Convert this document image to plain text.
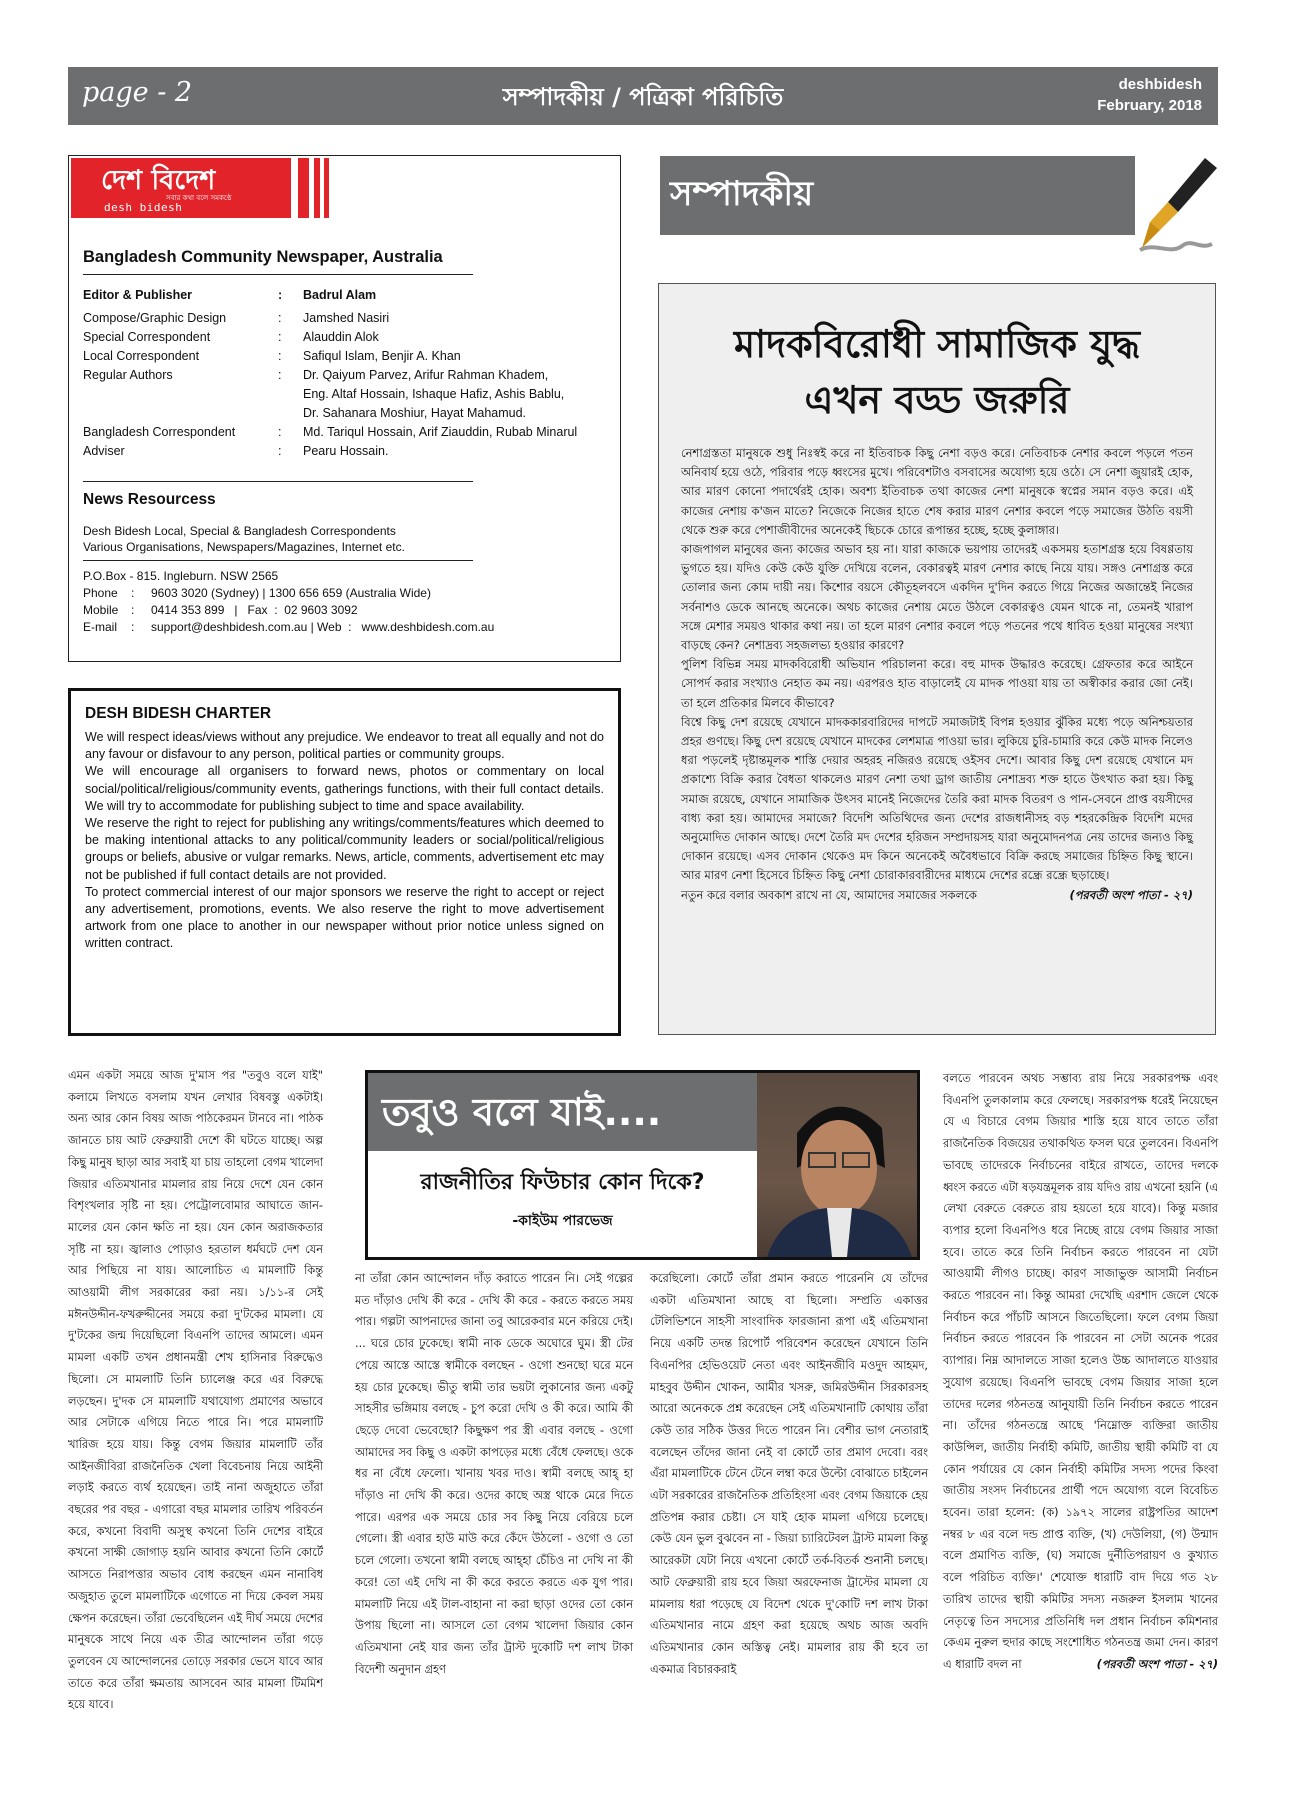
page - 2	সম্পাদকীয় / পত্রিকা পরিচিতি	deshbidesh
February, 2018
দেশ বিদেশ
সবার কথা বলে সমকণ্ঠে
desh bidesh
Bangladesh Community Newspaper, Australia
Editor & Publisher	:	Badrul Alam
Compose/Graphic Design	:	Jamshed Nasiri
Special Correspondent	:	Alauddin Alok
Local Correspondent	:	Safiqul Islam, Benjir A. Khan
Regular Authors	:	Dr. Qaiyum Parvez, Arifur Rahman Khadem,
Eng. Altaf Hossain, Ishaque Hafiz, Ashis Bablu,
Dr. Sahanara Moshiur, Hayat Mahamud.
Bangladesh Correspondent	:	Md. Tariqul Hossain, Arif Ziauddin, Rubab Minarul
Adviser	:	Pearu Hossain.
News Resourcess
Desh Bidesh Local, Special & Bangladesh Correspondents
Various Organisations, Newspapers/Magazines, Internet etc.
P.O.Box - 815. Ingleburn. NSW 2565
Phone	:	9603 3020 (Sydney) | 1300 656 659 (Australia Wide)
Mobile	:	0414 353 899   |   Fax  :  02 9603 3092
E-mail	:	support@deshbidesh.com.au | Web  :   www.deshbidesh.com.au
DESH BIDESH CHARTER

We will respect ideas/views without any prejudice. We endeavor to treat all equally and not do any favour or disfavour to any person, political parties or community groups.

We will encourage all organisers to forward news, photos or commentary on local social/political/religious/community events, gatherings functions, with their full contact details. We will try to accommodate for publishing subject to time and space availability.

We reserve the right to reject for publishing any writings/comments/features which deemed to be making intentional attacks to any political/community leaders or social/political/religious groups or beliefs, abusive or vulgar remarks. News, article, comments, advertisement etc may not be published if full contact details are not provided.

To protect commercial interest of our major sponsors we reserve the right to accept or reject any advertisement, promotions, events. We also reserve the right to move advertisement artwork from one place to another in our newspaper without prior notice unless signed on written contract.

সম্পাদকীয়
মাদকবিরোধী সামাজিক যুদ্ধ
এখন বড্ড জরুরি

নেশাগ্রস্ততা মানুষকে শুধু নিঃস্বই করে না ইতিবাচক কিছু নেশা বড়ও করে। নেতিবাচক নেশার কবলে পড়লে পতন অনিবার্য হয়ে ওঠে, পরিবার পড়ে ধ্বংসের মুখে। পরিবেশটাও বসবাসের অযোগ্য হয়ে ওঠে। সে নেশা জুয়ারই হোক, আর মারণ কোনো পদার্থেরই হোক। অবশ্য ইতিবাচক তথা কাজের নেশা মানুষকে স্বপ্নের সমান বড়ও করে। এই কাজের নেশায় ক'জন মাতে? নিজেকে নিজের হাতে শেষ করার মারণ নেশার কবলে পড়ে সমাজের উঠতি বয়সী থেকে শুরু করে পেশাজীবীদের অনেকেই ছিচকে চোরে রূপান্তর হচ্ছে, হচ্ছে কুলাঙ্গার।

কাজপাগল মানুষের জন্য কাজের অভাব হয় না। যারা কাজকে ভয়পায় তাদেরই একসময় হতাশগ্রস্ত হয়ে বিষণ্ণতায় ভুগতে হয়। যদিও কেউ কেউ যুক্তি দেখিয়ে বলেন, বেকারত্বই মারণ নেশার কাছে নিয়ে যায়। সঙ্গও নেশাগ্রস্ত করে তোলার জন্য কোম দায়ী নয়। কিশোর বয়সে কৌতূহলবসে একদিন দু'দিন করতে গিয়ে নিজের অজান্তেই নিজের সর্বনাশও ডেকে আনছে অনেকে। অথচ কাজের নেশায় মেতে উঠলে বেকারত্বও যেমন থাকে না, তেমনই খারাপ সঙ্গে মেশার সময়ও থাকার কথা নয়। তা হলে মারণ নেশার কবলে পড়ে পতনের পথে ধাবিত হওয়া মানুষের সংখ্যা বাড়ছে কেন? নেশাদ্রব্য সহজলভ্য হওয়ার কারণে?

পুলিশ বিভিন্ন সময় মাদকবিরোধী অভিযান পরিচালনা করে। বহু মাদক উদ্ধারও করেছে। গ্রেফতার করে আইনে সোপর্দ করার সংখ্যাও নেহাত কম নয়। এরপরও হাত বাড়ালেই যে মাদক পাওয়া যায় তা অস্বীকার করার জো নেই। তা হলে প্রতিকার মিলবে কীভাবে?

বিশ্বে কিছু দেশ রয়েছে যেখানে মাদককারবারিদের দাপটে সমাজটাই বিপন্ন হওয়ার ঝুঁকির মধ্যে পড়ে অনিশ্চয়তার প্রহর গুণছে। কিছু দেশ রয়েছে যেখানে মাদকের লেশমাত্র পাওয়া ভার। লুকিয়ে চুরি-চামারি করে কেউ মাদক নিলেও ধরা পড়লেই দৃষ্টান্তমূলক শাস্তি দেয়ার অহরহ নজিরও রয়েছে ওইসব দেশে। আবার কিছু দেশ রয়েছে যেখানে মদ প্রকাশ্যে বিক্রি করার বৈধতা থাকলেও মারণ নেশা তথা ড্রাগ জাতীয় নেশাদ্রব্য শক্ত হাতে উৎখাত করা হয়। কিছু সমাজ রয়েছে, যেখানে সামাজিক উৎসব মানেই নিজেদের তৈরি করা মাদক বিতরণ ও পান-সেবনে প্রাপ্ত বয়সীদের বাধ্য করা হয়। আমাদের সমাজে? বিদেশি অতিথিদের জন্য দেশের রাজধানীসহ বড় শহরকেন্দ্রিক বিদেশি মদের অনুমোদিত দোকান আছে। দেশে তৈরি মদ দেশের হরিজন সম্প্রদায়সহ যারা অনুমোদনপত্র নেয় তাদের জন্যও কিছু দোকান রয়েছে। এসব দোকান থেকেও মদ কিনে অনেকেই অবৈধভাবে বিক্রি করছে সমাজের চিহ্নিত কিছু স্থানে। আর মারণ নেশা হিসেবে চিহ্নিত কিছু নেশা চোরাকারবারীদের মাধ্যমে দেশের রন্ধ্রে রন্ধ্রে ছড়াচ্ছে।

নতুন করে বলার অবকাশ রাখে না যে, আমাদের সমাজের সকলকে	(পরবর্তী অংশ পাতা - ২৭)

এমন একটা সময়ে আজ দু'মাস পর "তবুও বলে যাই" কলামে লিখতে বসলাম যখন লেখার বিষবস্তু একটাই। অন্য আর কোন বিষয় আজ পাঠকেরমন টানবে না। পাঠক জানতে চায় আট ফেব্রুয়ারী দেশে কী ঘটতে যাচ্ছে। অল্প কিছু মানুষ ছাড়া আর সবাই যা চায় তাহলো বেগম খালেদা জিয়ার এতিমখানার মামলার রায় নিয়ে দেশে যেন কোন বিশৃংখলার সৃষ্টি না হয়। পেট্রোলবোমার আঘাতে জান-মালের যেন কোন ক্ষতি না হয়। যেন কোন অরাজকতার সৃষ্টি না হয়। জ্বালাও পোড়াও হরতাল ধর্মঘটে দেশ যেন আর পিছিয়ে না যায়। আলোচিত এ মামলাটি কিন্তু আওয়ামী লীগ সরকারের করা নয়। ১/১১-র সেই মঈনউদ্দীন-ফখরুদ্দীনের সময়ে করা দু'টকের মামলা। যে দু'টকের জন্ম দিয়েছিলো বিএনপি তাদের আমলে। এমন মামলা একটি তখন প্রধানমন্ত্রী শেখ হাসিনার বিরুদ্ধেও ছিলো। সে মামলাটি তিনি চ্যালেঞ্জ করে এর বিরুদ্ধে লড়ছেন। দু'দক সে মামলাটি যথাযোগ্য প্রমাণের অভাবে আর সেটাকে এগিয়ে নিতে পারে নি। পরে মামলাটি খারিজ হয়ে যায়। কিন্তু বেগম জিয়ার মামলাটি তাঁর আইনজীবিরা রাজনৈতিক খেলা বিবেচনায় নিয়ে আইনী লড়াই করতে ব্যর্থ হয়েছেন। তাই নানা অজুহাতে তাঁরা বছরের পর বছর - এগারো বছর মামলার তারিখ পরিবর্তন করে, কখনো বিবাদী অসুস্থ কখনো তিনি দেশের বাইরে কখনো সাক্ষী জোগাড় হয়নি আবার কখনো তিনি কোর্টে আসতে নিরাপত্তার অভাব বোধ করছেন এমন নানাবিধ অজুহাত তুলে মামলাটিকে এগোতে না দিয়ে কেবল সময় ক্ষেপন করেছেন। তাঁরা ভেবেছিলেন এই দীর্ঘ সময়ে দেশের মানুষকে সাথে নিয়ে এক তীব্র আন্দোলন তাঁরা গড়ে তুলবেন যে আন্দোলনের তোড়ে সরকার ভেসে যাবে আর তাতে করে তাঁরা ক্ষমতায় আসবেন আর মামলা টিমমিশ হয়ে যাবে।
তবুও বলে যাই....
রাজনীতির ফিউচার কোন দিকে?
-কাইউম পারভেজ
না তাঁরা কোন আন্দোলন দাঁড় করাতে পারেন নি। সেই গল্পের মত দাঁড়াও দেখি কী করে - দেখি কী করে - করতে করতে সময় পার। গল্পটা আপনাদের জানা তবু আরেকবার মনে করিয়ে দেই। ... ঘরে চোর ঢুকেছে। স্বামী নাক ডেকে অঘোরে ঘুম। স্ত্রী টের পেয়ে আস্তে আস্তে স্বামীকে বলছেন - ওগো শুনছো ঘরে মনে হয় চোর ঢুকেছে। ভীতু স্বামী তার ভয়টা লুকানোর জন্য একটু সাহসীর ভঙ্গিমায় বলছে - চুপ করো দেখি ও কী করে। আমি কী ছেড়ে দেবো ভেবেছো? কিছুক্ষণ পর স্ত্রী এবার বলছে - ওগো আমাদের সব কিছু ও একটা কাপড়ের মধ্যে বেঁধে ফেলছে। ওকে ধর না বেঁধে ফেলো। খানায় খবর দাও। স্বামী বলছে আহ্ হা দাঁড়াও না দেখি কী করে। ওদের কাছে অস্ত্র থাকে মেরে দিতে পারে। এরপর এক সময়ে চোর সব কিছু নিয়ে বেরিয়ে চলে গেলো। স্ত্রী এবার হাউ মাউ করে কেঁদে উঠলো - ওগো ও তো চলে গেলো। তখনো স্বামী বলছে আহ্হা চেঁচিও না দেখি না কী করে! তো এই দেখি না কী করে করতে করতে এক যুগ পার। মামলাটি নিয়ে এই টাল-বাহানা না করা ছাড়া ওদের তো কোন উপায় ছিলো না। আসলে তো বেগম খালেদা জিয়ার কোন এতিমখানা নেই যার জন্য তাঁর ট্রাস্ট দুকোটি দশ লাখ টাকা বিদেশী অনুদান গ্রহণ
করেছিলো। কোর্টে তাঁরা প্রমান করতে পারেননি যে তাঁদের একটা এতিমখানা আছে বা ছিলো। সম্প্রতি একাত্তর টেলিভিশনে সাহসী সাংবাদিক ফারজানা রূপা এই এতিমখানা নিয়ে একটি তদন্ত রিপোর্ট পরিবেশন করেছেন যেখানে তিনি বিএনপির হেভিওয়েট নেতা এবং আইনজীবি মওদুদ আহমদ, মাহবুব উদ্দীন খোকন, আমীর খসরু, জমিরউদ্দীন সিরকারসহ আরো অনেককে প্রশ্ন করেছেন সেই এতিমখানাটি কোথায় তাঁরা কেউ তার সঠিক উত্তর দিতে পারেন নি। বেশীর ভাগ নেতারাই বলেছেন তাঁদের জানা নেই বা কোর্টে তার প্রমাণ দেবো। বরং এঁরা মামলাটিকে টেনে টেনে লম্বা করে উল্টো বোঝাতে চাইলেন এটা সরকারের রাজনৈতিক প্রতিহিংসা এবং বেগম জিয়াকে হেয় প্রতিপন্ন করার চেষ্টা। সে যাই হোক মামলা এগিয়ে চলেছে। কেউ যেন ভুল বুঝবেন না - জিয়া চ্যারিটেবল ট্রাস্ট মামলা কিন্তু আরেকটা যেটা নিয়ে এখনো কোর্টে তর্ক-বিতর্ক শুনানী চলছে। আট ফেব্রুয়ারী রায় হবে জিয়া অরফেনাজ ট্রাস্টের মামলা যে মামলায় ধরা পড়েছে যে বিদেশ থেকে দু'কোটি দশ লাখ টাকা এতিমখানার নামে গ্রহণ করা হয়েছে অথচ আজ অবদি এতিমখানার কোন অস্তিত্ব নেই। মামলার রায় কী হবে তা একমাত্র বিচারকরাই
বলতে পারবেন অথচ সম্ভাব্য রায় নিয়ে সরকারপক্ষ এবং বিএনপি তুলকালাম করে ফেলছে। সরকারপক্ষ ধরেই নিয়েছেন যে এ বিচারে বেগম জিয়ার শাস্তি হয়ে যাবে তাতে তাঁরা রাজনৈতিক বিজয়ের তথাকথিত ফসল ঘরে তুলবেন। বিএনপি ভাবছে তাদেরকে নির্বাচনের বাইরে রাখতে, তাদের দলকে ধ্বংস করতে এটা ষড়যন্ত্রমূলক রায় যদিও রায় এখনো হয়নি (এ লেখা বেরুতে বেরুতে রায় হয়তো হয়ে যাবে)। কিন্তু মজার ব্যপার হলো বিএনপিও ধরে নিচ্ছে রায়ে বেগম জিয়ার সাজা হবে। তাতে করে তিনি নির্বাচন করতে পারবেন না যেটা আওয়ামী লীগও চাচ্ছে। কারণ সাজাভুক্ত আসামী নির্বাচন করতে পারবেন না। কিন্তু আমরা দেখেছি এরশাদ জেলে থেকে নির্বাচন করে পাঁচটি আসনে জিতেছিলো। ফলে বেগম জিয়া নির্বাচন করতে পারবেন কি পারবেন না সেটা অনেক পরের ব্যাপার। নিম্ন আদালতে সাজা হলেও উচ্চ আদালতে যাওয়ার সুযোগ রয়েছে। বিএনপি ভাবছে বেগম জিয়ার সাজা হলে তাদের দলের গঠনতন্ত্র আনুযায়ী তিনি নির্বাচন করতে পারেন না। তাঁদের গঠনতন্ত্রে আছে 'নিম্নোক্ত ব্যক্তিরা জাতীয় কাউন্সিল, জাতীয় নির্বাহী কমিটি, জাতীয় স্থায়ী কমিটি বা যে কোন পর্যায়ের যে কোন নির্বাহী কমিটির সদস্য পদের কিংবা জাতীয় সংসদ নির্বাচনের প্রার্থী পদে অযোগ্য বলে বিবেচিত হবেন। তারা হলেন: (ক) ১৯৭২ সালের রাষ্ট্রপতির আদেশ নম্বর ৮ এর বলে দন্ড প্রাপ্ত ব্যক্তি, (খ) দেউলিয়া, (গ) উন্মাদ বলে প্রমাণিত ব্যক্তি, (ঘ) সমাজে দুর্নীতিপরায়ণ ও কুখ্যাত বলে পরিচিত ব্যক্তি।' শেযোক্ত ধারাটি বাদ দিয়ে গত ২৮ তারিখ তাদের স্থায়ী কমিটির সদস্য নজরুল ইসলাম খানের নেতৃত্বে তিন সদস্যের প্রতিনিধি দল প্রধান নির্বাচন কমিশনার কেএম নুরুল হুদার কাছে সংশোধিত গঠনতন্ত্র জমা দেন। কারণ এ ধারাটি বদল না	(পরবর্তী অংশ পাতা - ২৭)
